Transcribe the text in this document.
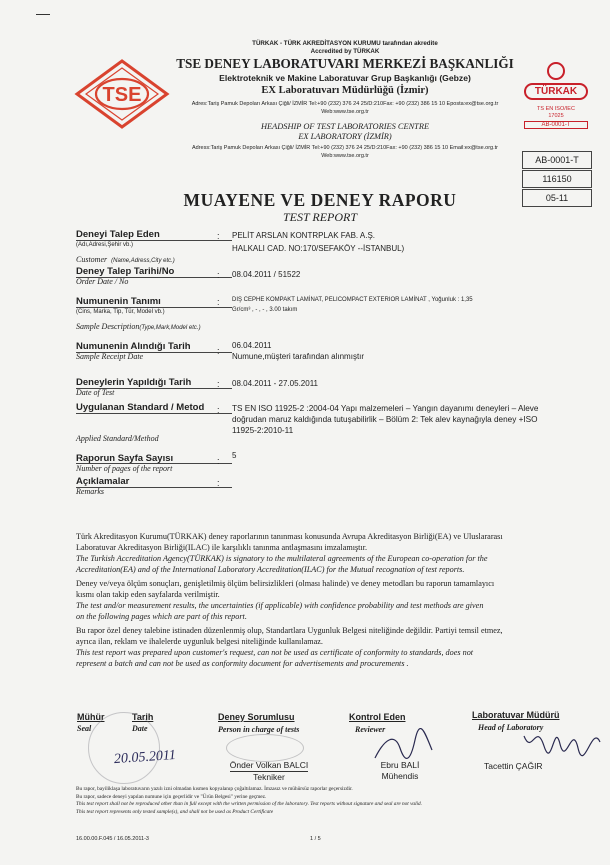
TSE
TÜRKAK - TÜRK AKREDİTASYON KURUMU tarafından akredite
Accredited by TÜRKAK
TSE DENEY LABORATUVARI MERKEZİ BAŞKANLIĞI
Elektroteknik ve Makine Laboratuvar Grup Başkanlığı (Gebze)
EX Laboratuvarı Müdürlüğü (İzmir)
Adres:Tariş Pamuk Depoları Arkası Çiğli/ İZMİR Tel:+90 (232) 376 24 25/D:210Fax: +90 (232) 386 15 10 Eposta:ex@tse.org.tr
Web:www.tse.org.tr
HEADSHIP OF TEST LABORATORIES CENTRE
EX LABORATORY (İZMİR)
Adress:Tariş Pamuk Depoları Arkası Çiğli/ İZMİR Tel:+90 (232) 376 24 25/D:210Fax: +90 (232) 386 15 10 Email:ex@tse.org.tr
Web:www.tse.org.tr
TÜRKAK
TS EN ISO/IEC
17025
AB-0001-T
AB-0001-T
116150
05-11
MUAYENE VE DENEY RAPORU
TEST REPORT
Deneyi Talep Eden
(Adı,Adresi,Şehir vb.)
Customer (Name,Adress,City etc.)
: PELİT ARSLAN KONTRPLAK FAB. A.Ş.
HALKALI CAD. NO:170/SEFAKÖY --İSTANBUL)
Deney Talep Tarihi/No
Order Date / No
: 08.04.2011 / 51522
Numunenin Tanımı
(Cins, Marka, Tip, Tür, Model vb.)
Sample Description(Type,Mark,Model etc.)
: DIŞ CEPHE KOMPAKT LAMİNAT, PELICOMPACT EXTERIOR LAMİNAT , Yoğunluk : 1,35
Gr/cm³ , - , - , 3.00 takım
Numunenin Alındığı Tarih
Sample Receipt Date
:
06.04.2011
Numune,müşteri tarafından alınmıştır
Deneylerin Yapıldığı Tarih
Date of Test
: 08.04.2011 - 27.05.2011
Uygulanan Standard / Metod
Applied Standard/Method
: TS EN ISO 11925-2 :2004-04 Yapı malzemeleri – Yangın dayanımı deneyleri – Aleve
doğrudan maruz kaldığında tutuşabilirlik – Bölüm 2: Tek alev kaynağıyla deney +ISO
11925-2:2010-11
Raporun Sayfa Sayısı
Number of pages of the report
:
5
Açıklamalar
Remarks
:
Türk Akreditasyon Kurumu(TÜRKAK) deney raporlarının tanınması konusunda Avrupa Akreditasyon Birliği(EA) ve Uluslararası
Laboratuvar Akreditasyon Birliği(ILAC) ile karşılıklı tanınma antlaşmasını imzalamıştır.
The Turkish Accreditation Agency(TÜRKAK) is signatory to the multilateral agreements of the European co-operation for the
Accreditation(EA) and of the International Laboratory Accreditation(ILAC) for the Mutual recognation of test reports.
Deney ve/veya ölçüm sonuçları, genişletilmiş ölçüm belirsizlikleri (olması halinde) ve deney metodları bu raporun tamamlayıcı
kısmı olan takip eden sayfalarda verilmiştir.
The test and/or measurement results, the uncertainties (if applicable) with confidence probability and test methods are given
on the following pages which are part of this report.
Bu rapor özel deney talebine istinaden düzenlenmiş olup, Standartlara Uygunluk Belgesi niteliğinde değildir. Partiyi temsil etmez,
ayrıca ilan, reklam ve ihalelerde uygunluk belgesi niteliğinde kullanılamaz.
This test report was prepared upon customer's request, can not be used as certificate of conformity to standards, does not
represent a batch and can not be used as conformity document for advertisements and procurements .
Mühür
Seal
Tarih
Date
20.05.2011
Deney Sorumlusu
Person in charge of tests
Önder Volkan BALCI
Tekniker
Kontrol Eden
Reviewer
Ebru BALİ
Mühendis
Laboratuvar Müdürü
Head of Laboratory
Tacettin ÇAĞIR
Bu rapor, bayiliklaşa laboratuvarın yazılı izni olmadan kısmen kopyalanıp çoğaltılamaz. İmzasız ve mühürsüz raporlar geçersizdir.
Bu rapor, sadece deneyi yapılan numune için geçerlidir ve "Ürün Belgesi" yerine geçmez.
This test report shall not be reproduced other than in full except with the written permission of the laboratory. Test reports without signature and seal are not valid.
This test report represents only tested sample(s), and shall not be used as Product Certificate
16.00.00.F.045 / 16.05.2011-3	1 / 5
